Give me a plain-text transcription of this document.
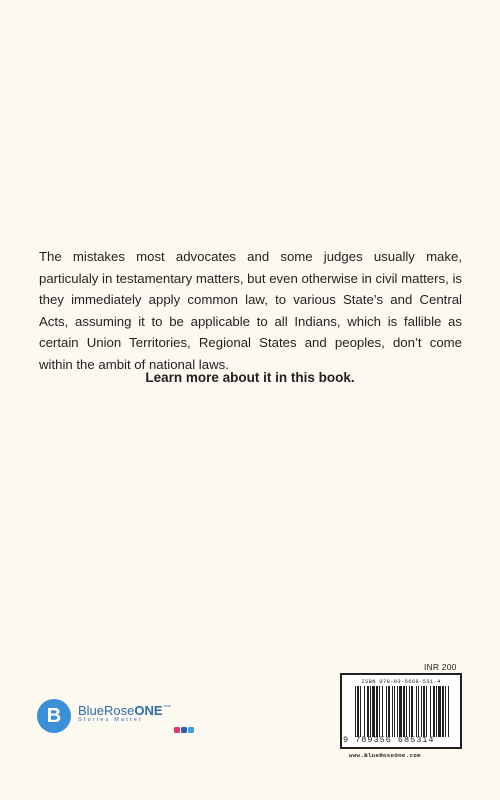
The mistakes most advocates and some judges usually make, particulaly in testamentary matters, but even otherwise in civil matters, is they immediately apply common law, to various State’s and Central Acts, assuming it to be applicable to all Indians, which is fallible as certain Union Territories, Regional States and peoples, don’t come within the ambit of national laws.

Learn more about it in this book.

B	BlueRoseONE$^{.com}$
Stories Matter
INR 200
ISBN 978-93-5668-531-4
9 789356 685314
www.BlueRoseOne.com
